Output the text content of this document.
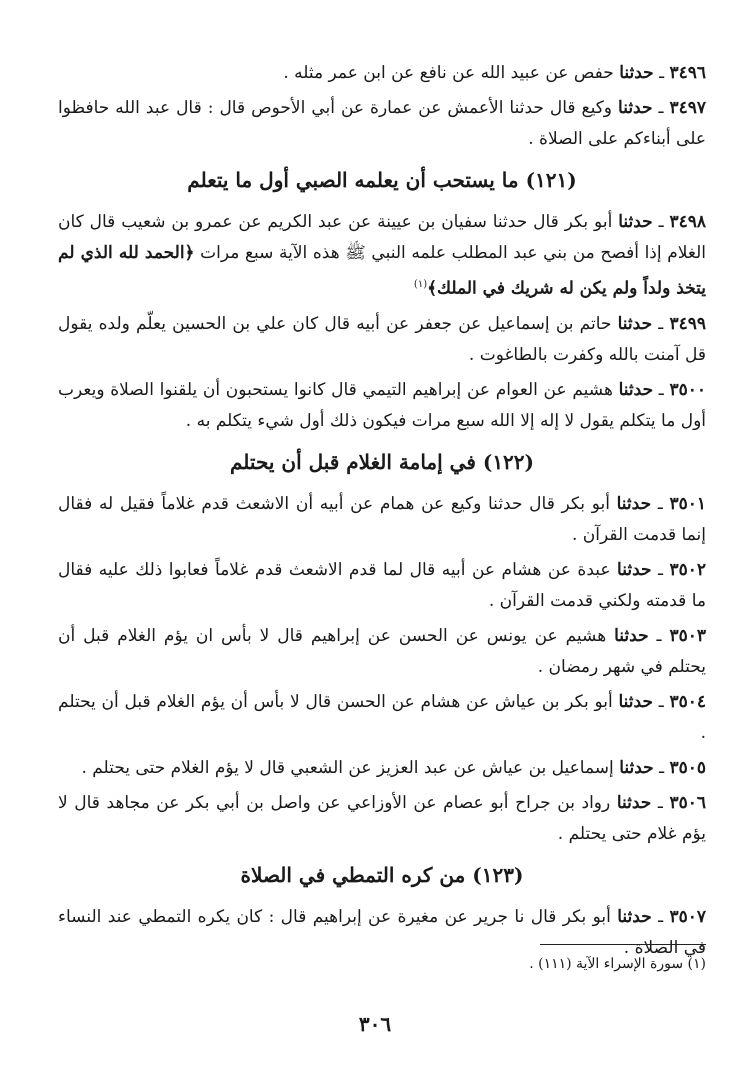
٣٤٩٦ ـ حدثنا حفص عن عبيد الله عن نافع عن ابن عمر مثله .

٣٤٩٧ ـ حدثنا وكيع قال حدثنا الأعمش عن عمارة عن أبي الأحوص قال : قال عبد الله حافظوا على أبناءكم على الصلاة .

(١٢١) ما يستحب أن يعلمه الصبي أول ما يتعلم

٣٤٩٨ ـ حدثنا أبو بكر قال حدثنا سفيان بن عيينة عن عبد الكريم عن عمرو بن شعيب قال كان الغلام إذا أفصح من بني عبد المطلب علمه النبي ﷺ هذه الآية سبع مرات ﴿الحمد لله الذي لم يتخذ ولداً ولم يكن له شريك في الملك﴾$^{(١)}$

٣٤٩٩ ـ حدثنا حاتم بن إسماعيل عن جعفر عن أبيه قال كان علي بن الحسين يعلّم ولده يقول قل آمنت بالله وكفرت بالطاغوت .

٣٥٠٠ ـ حدثنا هشيم عن العوام عن إبراهيم التيمي قال كانوا يستحبون أن يلقنوا الصلاة ويعرب أول ما يتكلم يقول لا إله إلا الله سبع مرات فيكون ذلك أول شيء يتكلم به .

(١٢٢) في إمامة الغلام قبل أن يحتلم

٣٥٠١ ـ حدثنا أبو بكر قال حدثنا وكيع عن همام عن أبيه أن الاشعث قدم غلاماً فقيل له فقال إنما قدمت القرآن .

٣٥٠٢ ـ حدثنا عبدة عن هشام عن أبيه قال لما قدم الاشعث قدم غلاماً فعابوا ذلك عليه فقال ما قدمته ولكني قدمت القرآن .

٣٥٠٣ ـ حدثنا هشيم عن يونس عن الحسن عن إبراهيم قال لا بأس ان يؤم الغلام قبل أن يحتلم في شهر رمضان .

٣٥٠٤ ـ حدثنا أبو بكر بن عياش عن هشام عن الحسن قال لا بأس أن يؤم الغلام قبل أن يحتلم .

٣٥٠٥ ـ حدثنا إسماعيل بن عياش عن عبد العزيز عن الشعبي قال لا يؤم الغلام حتى يحتلم .

٣٥٠٦ ـ حدثنا رواد بن جراح أبو عصام عن الأوزاعي عن واصل بن أبي بكر عن مجاهد قال لا يؤم غلام حتى يحتلم .

(١٢٣) من كره التمطي في الصلاة

٣٥٠٧ ـ حدثنا أبو بكر قال نا جرير عن مغيرة عن إبراهيم قال : كان يكره التمطي عند النساء في الصلاة .

(١) سورة الإسراء الآية (١١١) .
٣٠٦
